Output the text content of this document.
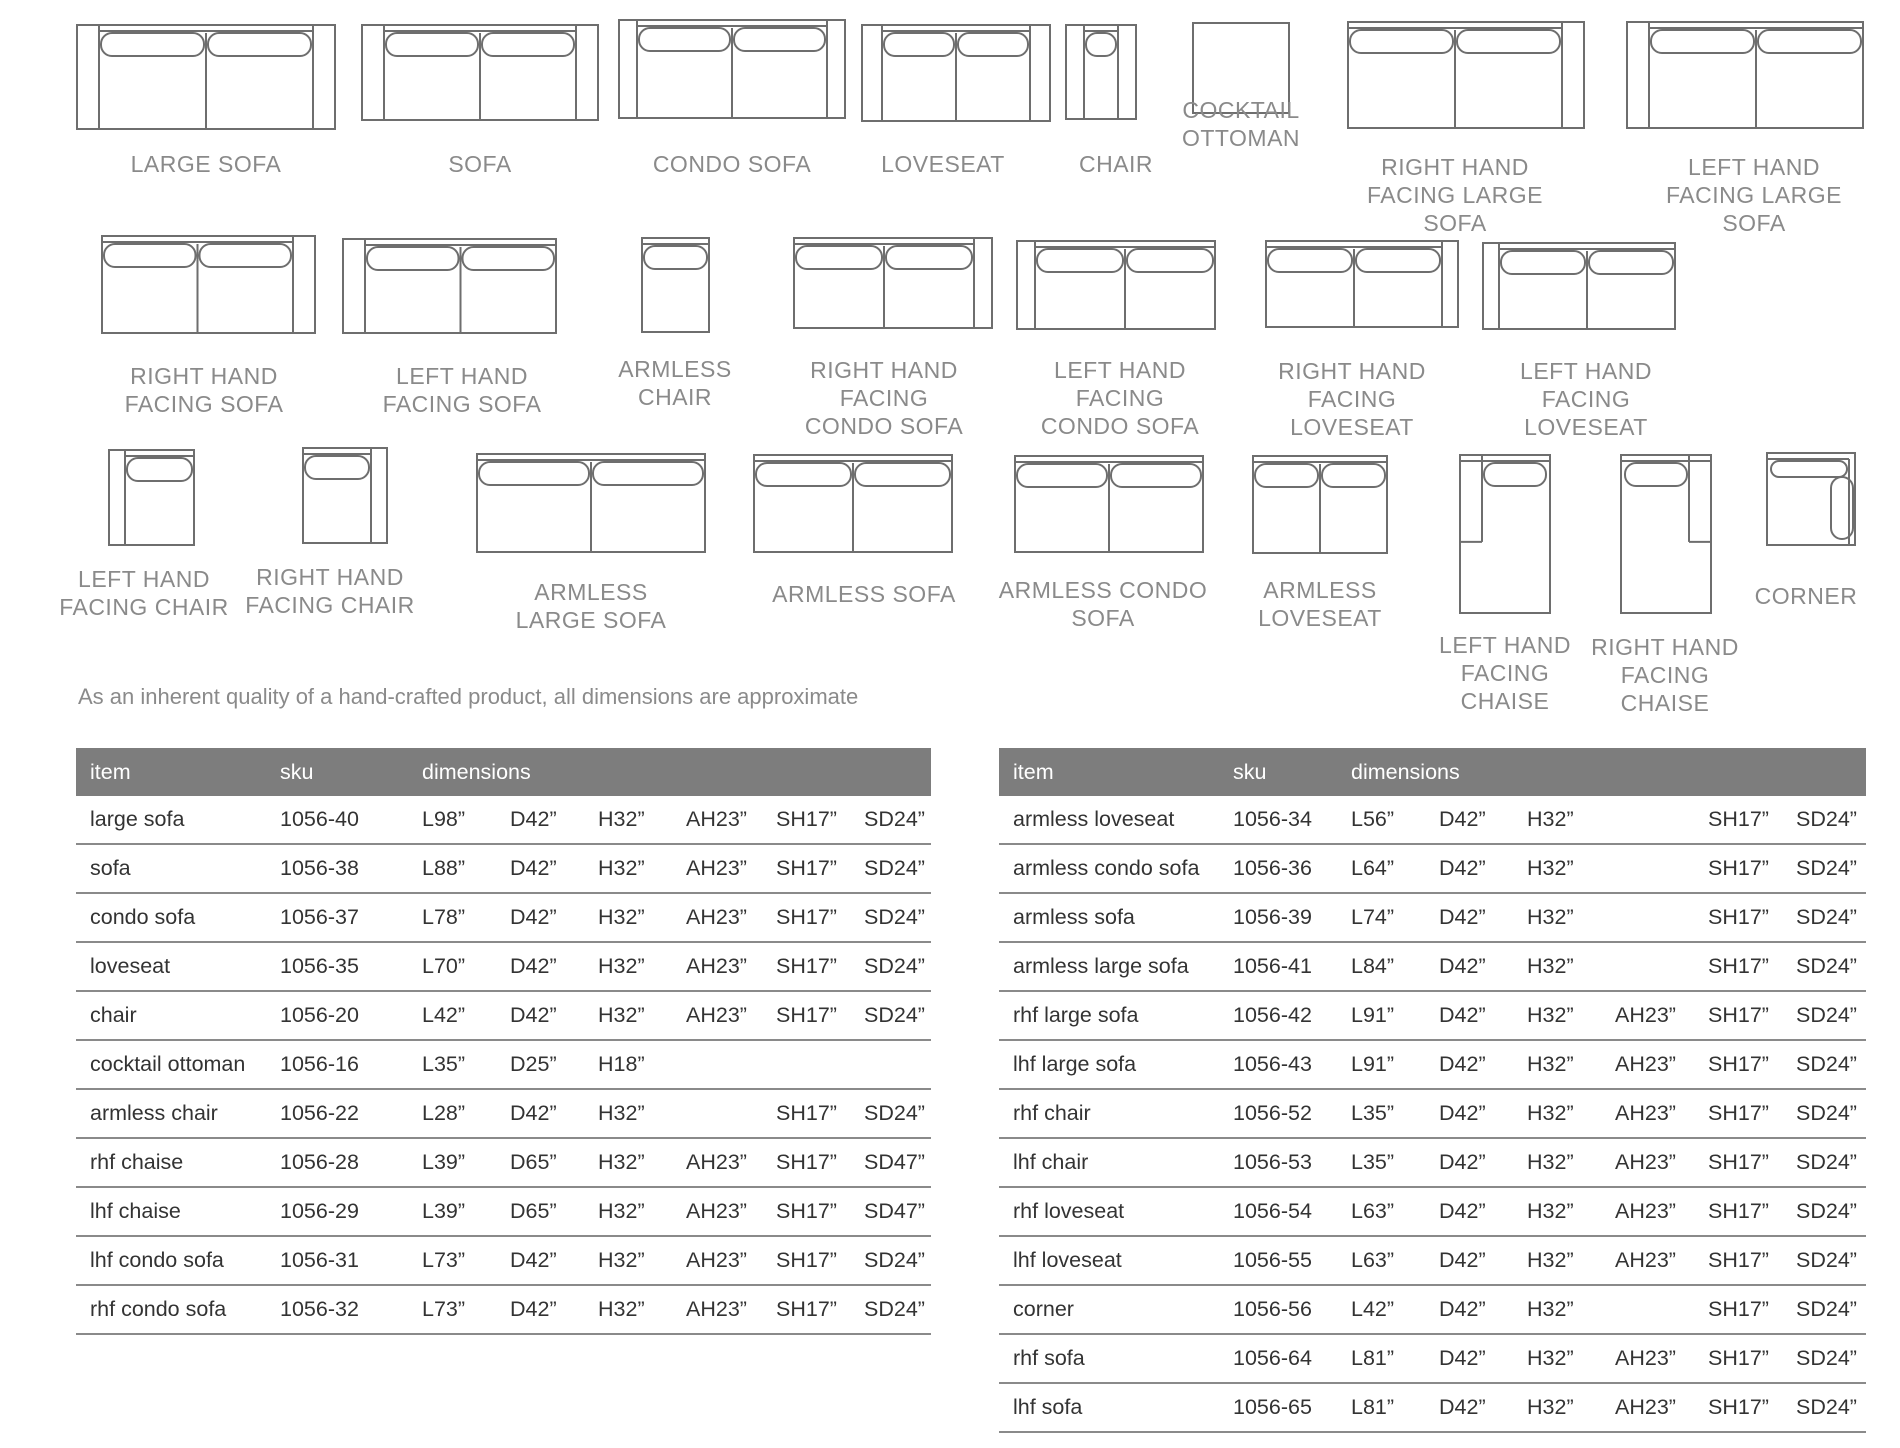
As an inherent quality of a hand-crafted product, all dimensions are approximate
item	sku	dimensions					
large sofa	1056-40	L98”	D42”	H32”	AH23”	SH17”	SD24”
sofa	1056-38	L88”	D42”	H32”	AH23”	SH17”	SD24”
condo sofa	1056-37	L78”	D42”	H32”	AH23”	SH17”	SD24”
loveseat	1056-35	L70”	D42”	H32”	AH23”	SH17”	SD24”
chair	1056-20	L42”	D42”	H32”	AH23”	SH17”	SD24”
cocktail ottoman	1056-16	L35”	D25”	H18”			
armless chair	1056-22	L28”	D42”	H32”		SH17”	SD24”
rhf chaise	1056-28	L39”	D65”	H32”	AH23”	SH17”	SD47”
lhf chaise	1056-29	L39”	D65”	H32”	AH23”	SH17”	SD47”
lhf condo sofa	1056-31	L73”	D42”	H32”	AH23”	SH17”	SD24”
rhf condo sofa	1056-32	L73”	D42”	H32”	AH23”	SH17”	SD24”
item	sku	dimensions					
armless loveseat	1056-34	L56”	D42”	H32”		SH17”	SD24”
armless condo sofa	1056-36	L64”	D42”	H32”		SH17”	SD24”
armless sofa	1056-39	L74”	D42”	H32”		SH17”	SD24”
armless large sofa	1056-41	L84”	D42”	H32”		SH17”	SD24”
rhf large sofa	1056-42	L91”	D42”	H32”	AH23”	SH17”	SD24”
lhf large sofa	1056-43	L91”	D42”	H32”	AH23”	SH17”	SD24”
rhf chair	1056-52	L35”	D42”	H32”	AH23”	SH17”	SD24”
lhf chair	1056-53	L35”	D42”	H32”	AH23”	SH17”	SD24”
rhf loveseat	1056-54	L63”	D42”	H32”	AH23”	SH17”	SD24”
lhf loveseat	1056-55	L63”	D42”	H32”	AH23”	SH17”	SD24”
corner	1056-56	L42”	D42”	H32”		SH17”	SD24”
rhf sofa	1056-64	L81”	D42”	H32”	AH23”	SH17”	SD24”
lhf sofa	1056-65	L81”	D42”	H32”	AH23”	SH17”	SD24”
LARGE SOFA	SOFA	CONDO SOFA	LOVESEAT	CHAIR
COCKTAIL OTTOMAN
RIGHT HAND FACING LARGE SOFA
LEFT HAND FACING LARGE SOFA
RIGHT HAND FACING SOFA
LEFT HAND FACING SOFA
ARMLESS CHAIR
RIGHT HAND FACING CONDO SOFA
LEFT HAND FACING CONDO SOFA
RIGHT HAND FACING LOVESEAT
LEFT HAND FACING LOVESEAT
LEFT HAND FACING CHAIR
RIGHT HAND FACING CHAIR	ARMLESS LARGE SOFA
ARMLESS SOFA	ARMLESS CONDO SOFA
ARMLESS LOVESEAT
LEFT HAND FACING CHAISE
RIGHT HAND FACING CHAISE
CORNER
